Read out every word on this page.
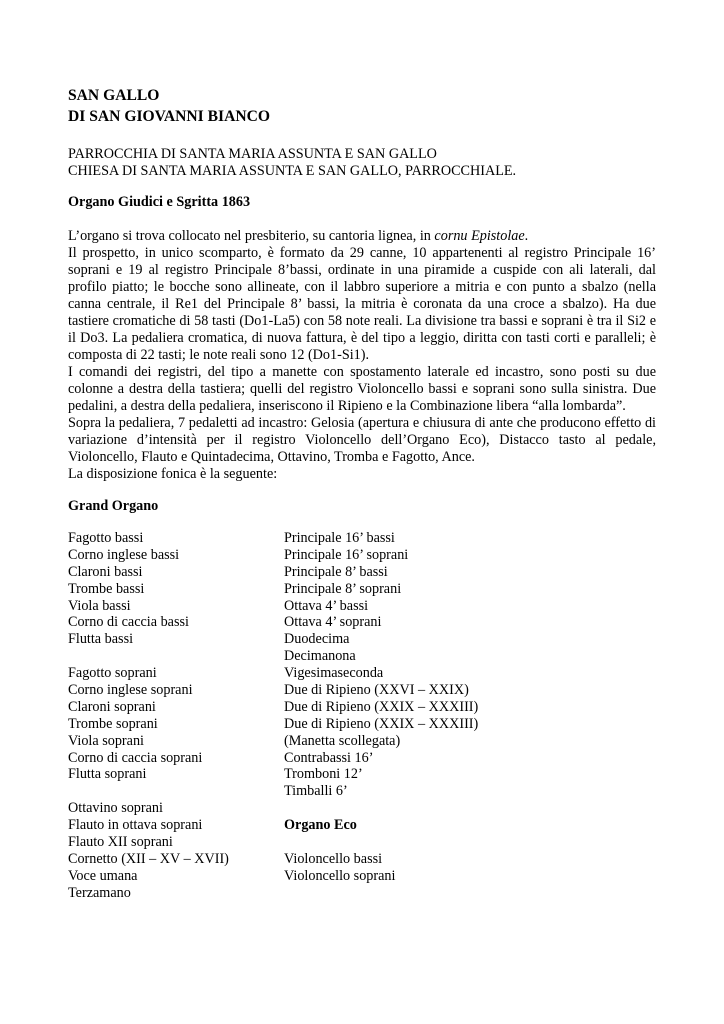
SAN GALLO
DI SAN GIOVANNI BIANCO
PARROCCHIA DI SANTA MARIA ASSUNTA E SAN GALLO
CHIESA DI SANTA MARIA ASSUNTA E SAN GALLO, PARROCCHIALE.
Organo Giudici e Sgritta 1863

L’organo si trova collocato nel presbiterio, su cantoria lignea, in cornu Epistolae.

Il prospetto, in unico scomparto, è formato da 29 canne, 10 appartenenti al registro Principale 16’ soprani e 19 al registro Principale 8’bassi, ordinate in una piramide a cuspide con ali laterali, dal profilo piatto; le bocche sono allineate, con il labbro superiore a mitria e con punto a sbalzo (nella canna centrale, il Re1 del Principale 8’ bassi, la mitria è coronata da una croce a sbalzo). Ha due tastiere cromatiche di 58 tasti (Do1-La5) con 58 note reali. La divisione tra bassi e soprani è tra il Si2 e il Do3. La pedaliera cromatica, di nuova fattura, è del tipo a leggio, diritta con tasti corti e paralleli; è composta di 22 tasti; le note reali sono 12 (Do1-Si1).

I comandi dei registri, del tipo a manette con spostamento laterale ed incastro, sono posti su due colonne a destra della tastiera; quelli del registro Violoncello bassi e soprani sono sulla sinistra. Due pedalini, a destra della pedaliera, inseriscono il Ripieno e la Combinazione libera “alla lombarda”.

Sopra la pedaliera, 7 pedaletti ad incastro: Gelosia (apertura e chiusura di ante che producono effetto di variazione d’intensità per il registro Violoncello dell’Organo Eco), Distacco tasto al pedale, Violoncello, Flauto e Quintadecima, Ottavino, Tromba e Fagotto, Ance.

La disposizione fonica è la seguente:

Grand Organo
Fagotto bassi
Corno inglese bassi
Claroni bassi
Trombe bassi
Viola bassi
Corno di caccia bassi
Flutta bassi
Fagotto soprani
Corno inglese soprani
Claroni soprani
Trombe soprani
Viola soprani
Corno di caccia soprani
Flutta soprani
Ottavino soprani
Flauto in ottava soprani
Flauto XII soprani
Cornetto (XII – XV – XVII)
Voce umana
Terzamano
Principale 16’ bassi
Principale 16’ soprani
Principale 8’ bassi
Principale 8’ soprani
Ottava 4’ bassi
Ottava 4’ soprani
Duodecima
Decimanona
Vigesimaseconda
Due di Ripieno (XXVI – XXIX)
Due di Ripieno (XXIX – XXXIII)
Due di Ripieno (XXIX – XXXIII)
(Manetta scollegata)
Contrabassi 16’
Tromboni 12’
Timballi 6’
Organo Eco
Violoncello bassi
Violoncello soprani
